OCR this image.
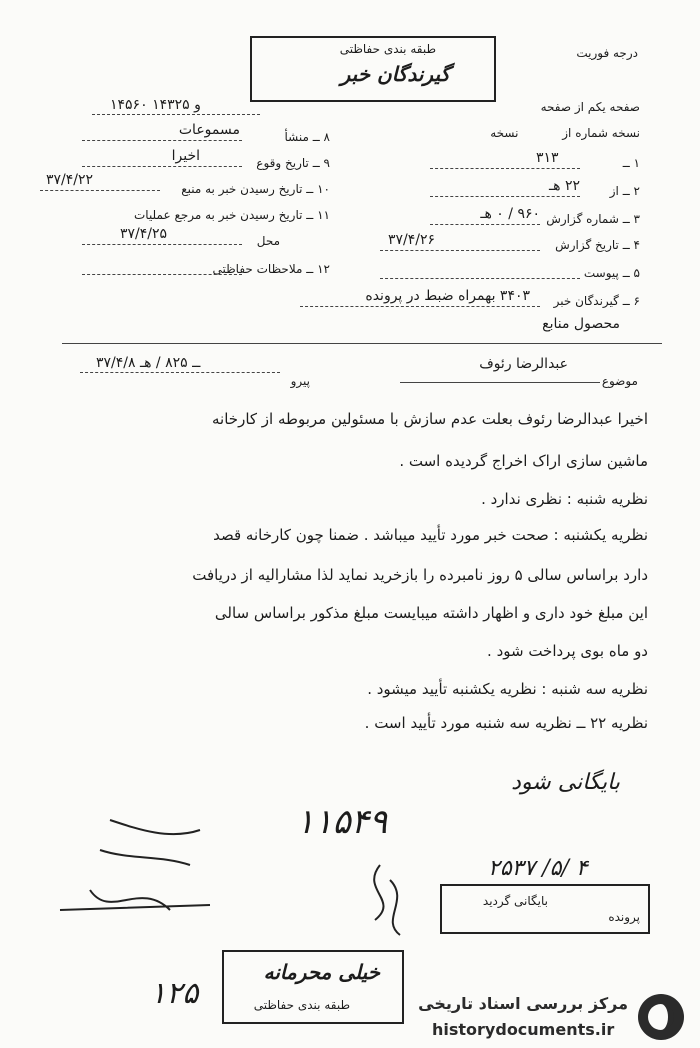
درجه فوریت
طبقه بندی حفاظتی
گیرندگان خبر
۱۴۵۶۰ و ۱۴۳۲۵	صفحه یکم از صفحه
نسخه شماره از نسخه
۱ ــ
۳۱۳
۲ ــ از
۲۲ هـ
۳ ــ شماره گزارش
۹۶۰ / ۰ هـ
۴ ــ تاریخ گزارش
۳۷/۴/۲۶
۵ ــ پیوست
۶ ــ گیرندگان خبر
۳۴۰۳ بهمراه ضبط در پرونده
محصول منابع
۸ ــ منشأ
مسموعات
۹ ــ تاریخ وقوع
اخیرا
۱۰ ــ تاریخ رسیدن خبر به منبع
۳۷/۴/۲۲
۱۱ ــ تاریخ رسیدن خبر به مرجع عملیات
محل
۳۷/۴/۲۵
۱۲ ــ ملاحظات حفاظتی
۳۷/۴/۸ ــ ۸۲۵ / هـ
پیرو
عبدالرضا رئوف
موضوع
اخیرا عبدالرضا رئوف بعلت عدم سازش با مسئولین مربوطه از کارخانه
ماشین سازی اراک اخراج گردیده است .
نظریه شنبه : نظری ندارد .
نظریه یکشنبه : صحت خبر مورد تأیید میباشد . ضمنا چون کارخانه قصد
دارد براساس سالی ۵ روز نامبرده را بازخرید نماید لذا مشارالیه از دریافت
این مبلغ خود داری و اظهار داشته میبایست مبلغ مذکور براساس سالی
دو ماه بوی پرداخت شود .
نظریه سه شنبه : نظریه یکشنبه تأیید میشود .
نظریه ۲۲ ــ نظریه سه شنبه مورد تأیید است .
بایگانی شود
۱۱۵۴۹
۲۵۳۷ /۵/ ۴
پرونده
بایگانی گردید
۱۲۵
خیلی محرمانه
طبقه بندی حفاظتی	مرکز بررسی اسناد تاریخی
historydocuments.ir
